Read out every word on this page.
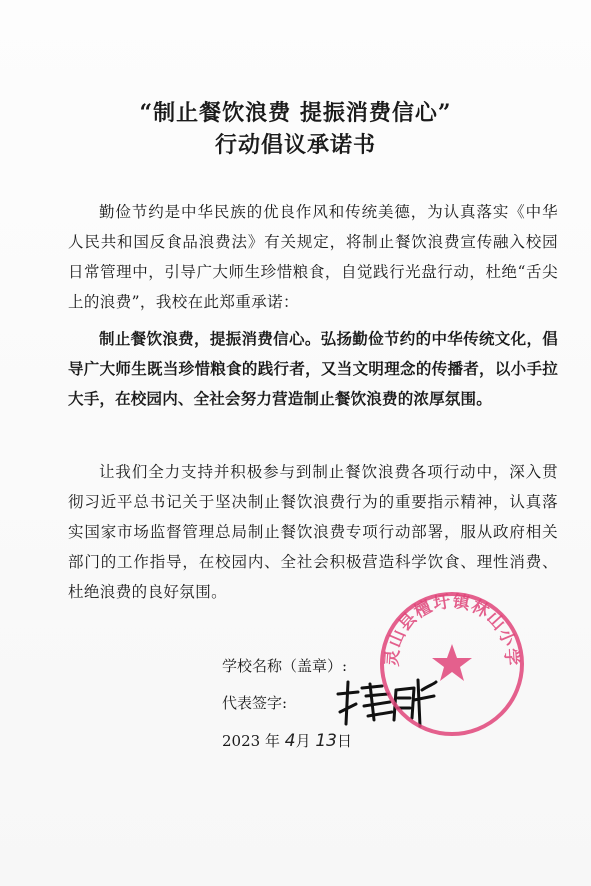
“制止餐饮浪费 提振消费信心”
行动倡议承诺书

勤俭节约是中华民族的优良作风和传统美德，为认真落实《中华人民共和国反食品浪费法》有关规定，将制止餐饮浪费宣传融入校园日常管理中，引导广大师生珍惜粮食，自觉践行光盘行动，杜绝“舌尖上的浪费”，我校在此郑重承诺：

制止餐饮浪费，提振消费信心。弘扬勤俭节约的中华传统文化，倡导广大师生既当珍惜粮食的践行者，又当文明理念的传播者，以小手拉大手，在校园内、全社会努力营造制止餐饮浪费的浓厚氛围。

让我们全力支持并积极参与到制止餐饮浪费各项行动中，深入贯彻习近平总书记关于坚决制止餐饮浪费行为的重要指示精神，认真落实国家市场监督管理总局制止餐饮浪费专项行动部署，服从政府相关部门的工作指导，在校园内、全社会积极营造科学饮食、理性消费、杜绝浪费的良好氛围。

学校名称（盖章）:

代表签字:

2023 年 4月 13日

灵山县檀圩镇林山小学
